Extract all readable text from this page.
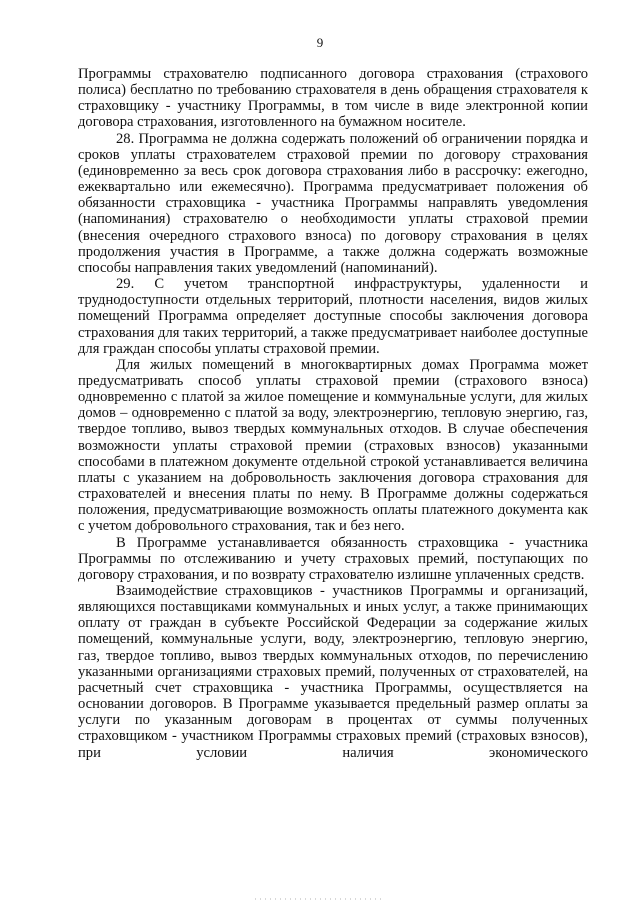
9

Программы страхователю подписанного договора страхования (страхового полиса) бесплатно по требованию страхователя в день обращения страхователя к страховщику - участнику Программы, в том числе в виде электронной копии договора страхования, изготовленного на бумажном носителе.

28. Программа не должна содержать положений об ограничении порядка и сроков уплаты страхователем страховой премии по договору страхования (единовременно за весь срок договора страхования либо в рассрочку: ежегодно, ежеквартально или ежемесячно). Программа предусматривает положения об обязанности страховщика - участника Программы направлять уведомления (напоминания) страхователю о необходимости уплаты страховой премии (внесения очередного страхового взноса) по договору страхования в целях продолжения участия в Программе, а также должна содержать возможные способы направления таких уведомлений (напоминаний).

29. С учетом транспортной инфраструктуры, удаленности и труднодоступности отдельных территорий, плотности населения, видов жилых помещений Программа определяет доступные способы заключения договора страхования для таких территорий, а также предусматривает наиболее доступные для граждан способы уплаты страховой премии.

Для жилых помещений в многоквартирных домах Программа может предусматривать способ уплаты страховой премии (страхового взноса) одновременно с платой за жилое помещение и коммунальные услуги, для жилых домов – одновременно с платой за воду, электроэнергию, тепловую энергию, газ, твердое топливо, вывоз твердых коммунальных отходов. В случае обеспечения возможности уплаты страховой премии (страховых взносов) указанными способами в платежном документе отдельной строкой устанавливается величина платы с указанием на добровольность заключения договора страхования для страхователей и внесения платы по нему. В Программе должны содержаться положения, предусматривающие возможность оплаты платежного документа как с учетом добровольного страхования, так и без него.

В Программе устанавливается обязанность страховщика - участника Программы по отслеживанию и учету страховых премий, поступающих по договору страхования, и по возврату страхователю излишне уплаченных средств.

Взаимодействие страховщиков - участников Программы и организаций, являющихся поставщиками коммунальных и иных услуг, а также принимающих оплату от граждан в субъекте Российской Федерации за содержание жилых помещений, коммунальные услуги, воду, электроэнергию, тепловую энергию, газ, твердое топливо, вывоз твердых коммунальных отходов, по перечислению указанными организациями страховых премий, полученных от страхователей, на расчетный счет страховщика - участника Программы, осуществляется на основании договоров. В Программе указывается предельный размер оплаты за услуги по указанным договорам в процентах от суммы полученных страховщиком - участником Программы страховых премий (страховых взносов), при условии наличия экономического
